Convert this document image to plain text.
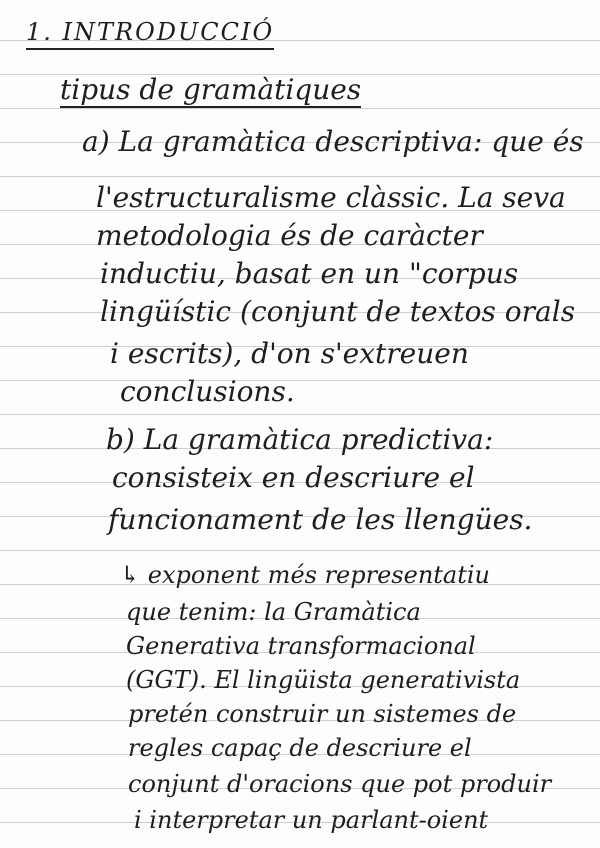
1. INTRODUCCIÓ
tipus de gramàtiques
a) La gramàtica descriptiva: que és
l'estructuralisme clàssic. La seva
metodologia és de caràcter
inductiu, basat en un "corpus
lingüístic (conjunt de textos orals
i escrits), d'on s'extreuen
conclusions.
b) La gramàtica predictiva:
consisteix en descriure el
funcionament de les llengües.
↳ exponent més representatiu
que tenim: la Gramàtica
Generativa transformacional
(GGT). El lingüista generativista
pretén construir un sistemes de
regles capaç de descriure el
conjunt d'oracions que pot produir
i interpretar un parlant-oient
